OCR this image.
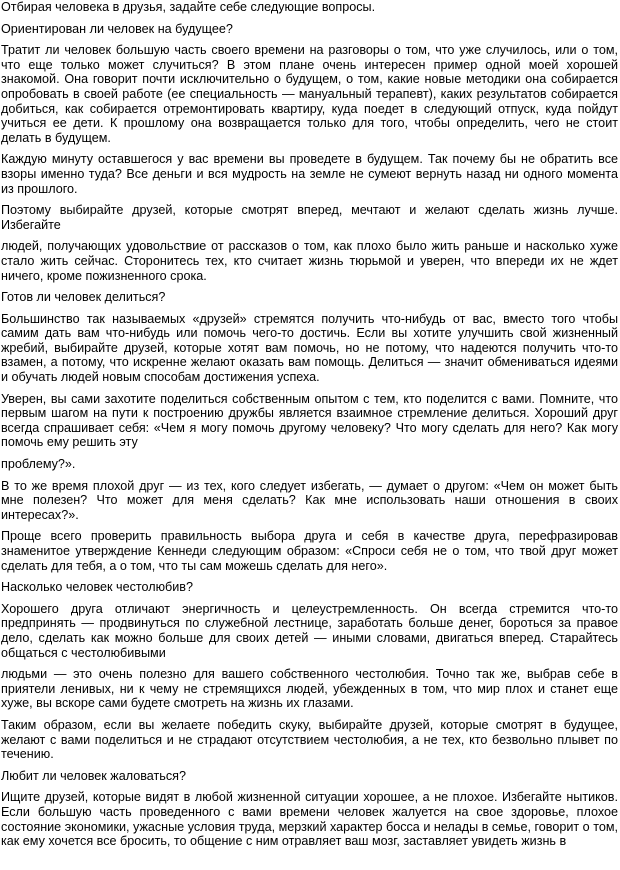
Отбирая человека в друзья, задайте себе следующие вопросы.

Ориентирован ли человек на будущее?

Тратит ли человек большую часть своего времени на разговоры о том, что уже случилось, или о том, что еще только может случиться? В этом плане очень интересен пример одной моей хорошей знакомой. Она говорит почти исключительно о будущем, о том, какие новые методики она собирается опробовать в своей работе (ее специальность — мануальный терапевт), каких результатов собирается добиться, как собирается отремонтировать квартиру, куда поедет в следующий отпуск, куда пойдут учиться ее дети. К прошлому она возвращается только для того, чтобы определить, чего не стоит делать в будущем.

Каждую минуту оставшегося у вас времени вы проведете в будущем. Так почему бы не обратить все взоры именно туда? Все деньги и вся мудрость на земле не сумеют вернуть назад ни одного момента из прошлого.

Поэтому выбирайте друзей, которые смотрят вперед, мечтают и желают сделать жизнь лучше. Избегайте

людей, получающих удовольствие от рассказов о том, как плохо было жить раньше и насколько хуже стало жить сейчас. Сторонитесь тех, кто считает жизнь тюрьмой и уверен, что впереди их не ждет ничего, кроме пожизненного срока.

Готов ли человек делиться?

Большинство так называемых «друзей» стремятся получить что-нибудь от вас, вместо того чтобы самим дать вам что-нибудь или помочь чего-то достичь. Если вы хотите улучшить свой жизненный жребий, выбирайте друзей, которые хотят вам помочь, но не потому, что надеются получить что-то взамен, а потому, что искренне желают оказать вам помощь. Делиться — значит обмениваться идеями и обучать людей новым способам достижения успеха.

Уверен, вы сами захотите поделиться собственным опытом с тем, кто поделится с вами. Помните, что первым шагом на пути к построению дружбы является взаимное стремление делиться. Хороший друг всегда спрашивает себя: «Чем я могу помочь другому человеку? Что могу сделать для него? Как могу помочь ему решить эту

проблему?».

В то же время плохой друг — из тех, кого следует избегать, — думает о другом: «Чем он может быть мне полезен? Что может для меня сделать? Как мне использовать наши отношения в своих интересах?».

Проще всего проверить правильность выбора друга и себя в качестве друга, перефразировав знаменитое утверждение Кеннеди следующим образом: «Спроси себя не о том, что твой друг может сделать для тебя, а о том, что ты сам можешь сделать для него».

Насколько человек честолюбив?

Хорошего друга отличают энергичность и целеустремленность. Он всегда стремится что-то предпринять — продвинуться по служебной лестнице, заработать больше денег, бороться за правое дело, сделать как можно больше для своих детей — иными словами, двигаться вперед. Старайтесь общаться с честолюбивыми

людьми — это очень полезно для вашего собственного честолюбия. Точно так же, выбрав себе в приятели ленивых, ни к чему не стремящихся людей, убежденных в том, что мир плох и станет еще хуже, вы вскоре сами будете смотреть на жизнь их глазами.

Таким образом, если вы желаете победить скуку, выбирайте друзей, которые смотрят в будущее, желают с вами поделиться и не страдают отсутствием честолюбия, а не тех, кто безвольно плывет по течению.

Любит ли человек жаловаться?

Ищите друзей, которые видят в любой жизненной ситуации хорошее, а не плохое. Избегайте нытиков. Если большую часть проведенного с вами времени человек жалуется на свое здоровье, плохое состояние экономики, ужасные условия труда, мерзкий характер босса и нелады в семье, говорит о том, как ему хочется все бросить, то общение с ним отравляет ваш мозг, заставляет увидеть жизнь в
